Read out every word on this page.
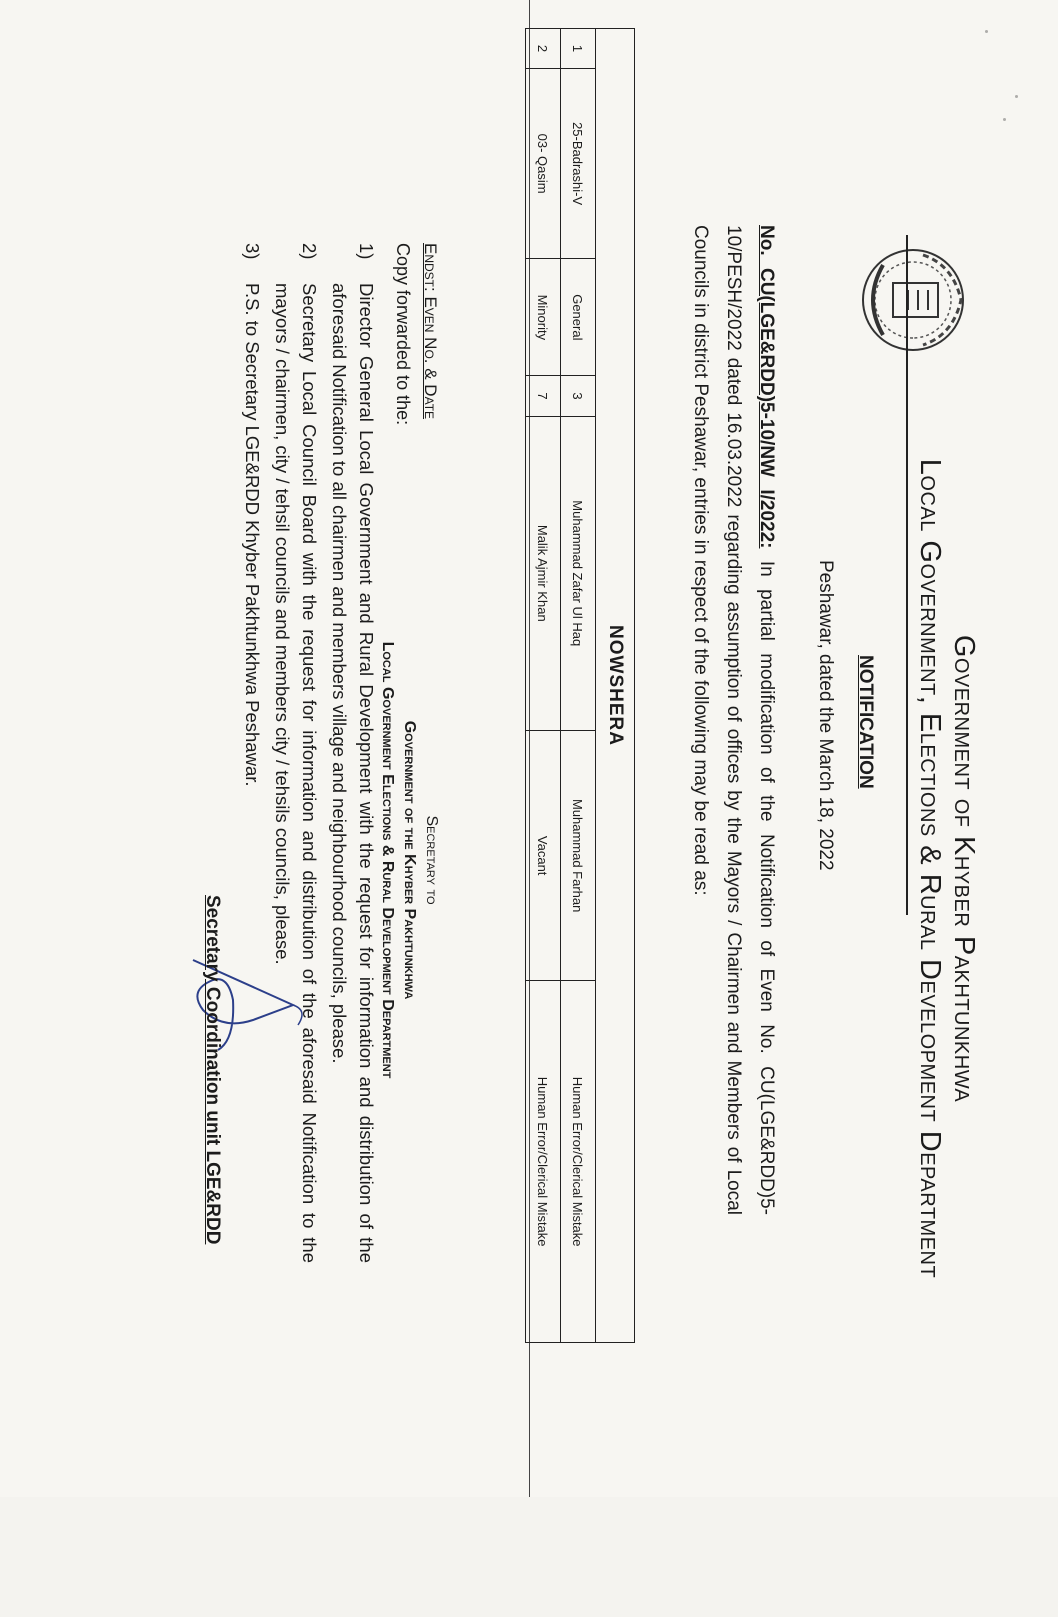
Government of Khyber Pakhtunkhwa
Local Government, Elections & Rural Development Department
NOTIFICATION
Peshawar, dated the March 18, 2022
No. CU(LGE&RDD)5-10/NW I/2022: In partial modification of the Notification of Even No. CU(LGE&RDD)5-10/PESH/2022 dated 16.03.2022 regarding assumption of offices by the Mayors / Chairmen and Members of Local Councils in district Peshawar, entries in respect of the following may be read as:
NOWSHERA						
1	25-Badrashi-V	General	3	Muhammad Zafar Ul Haq	Muhammad Farhan	Human Error/Clerical Mistake
2	03- Qasim	Minority	7	Malik Ajmir Khan	Vacant	Human Error/Clerical Mistake
Secretary to
Government of the Khyber Pakhtunkhwa
Local Government Elections & Rural Development Department
Endst: Even No. & Date
Copy forwarded to the:
1)
Director General Local Government and Rural Development with the request for information and distribution of the aforesaid Notification to all chairmen and members village and neighbourhood councils, please.
2)
Secretary Local Council Board with the request for information and distribution of the aforesaid Notification to the mayors / chairmen, city / tehsil councils and members city / tehsils councils, please.
3)
P.S. to Secretary LGE&RDD Khyber Pakhtunkhwa Peshawar.
Secretary Coordination unit LGE&RDD
